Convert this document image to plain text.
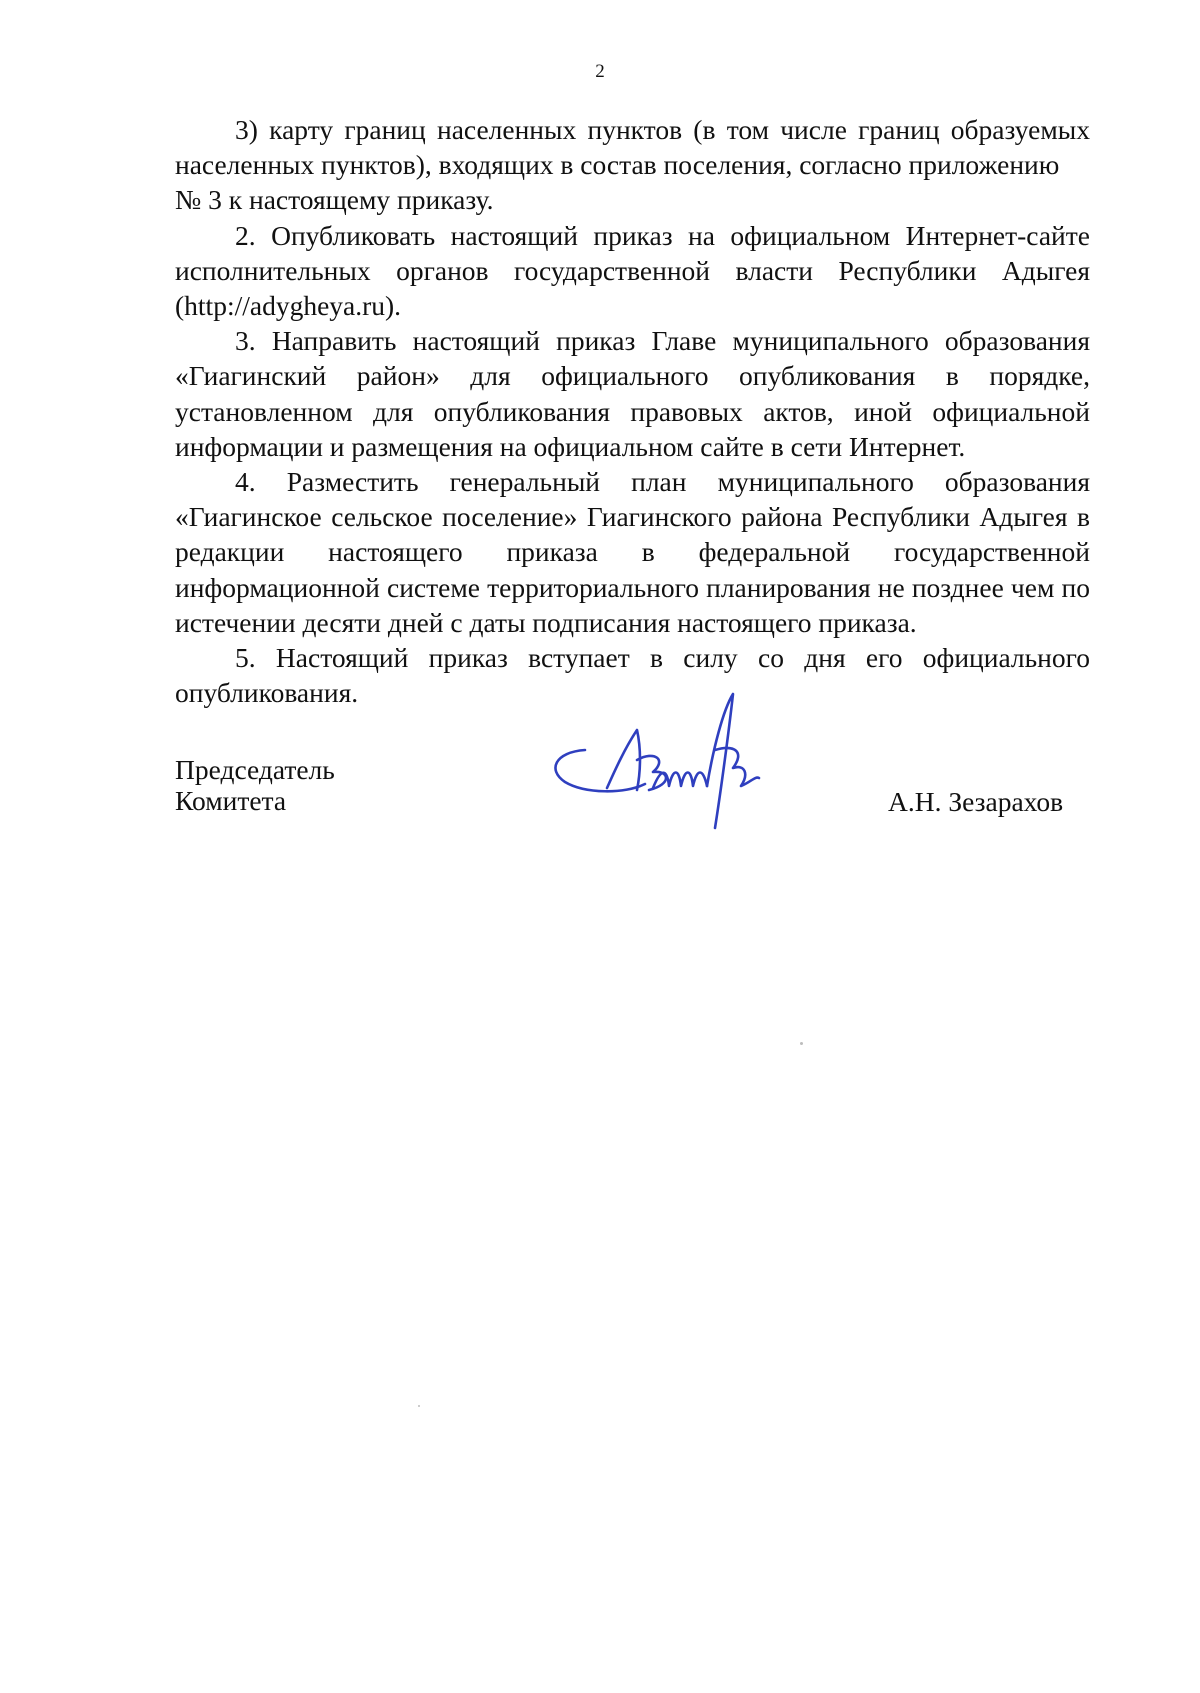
2

3) карту границ населенных пунктов (в том числе границ образуемых населенных пунктов), входящих в состав поселения, согласно приложению

№ 3 к настоящему приказу.

2. Опубликовать настоящий приказ на официальном Интернет-сайте исполнительных органов государственной власти Республики Адыгея (http://adygheya.ru).

3. Направить настоящий приказ Главе муниципального образования «Гиагинский район» для официального опубликования в порядке, установленном для опубликования правовых актов, иной официальной информации и размещения на официальном сайте в сети Интернет.

4. Разместить генеральный план муниципального образования «Гиагинское сельское поселение» Гиагинского района Республики Адыгея в редакции настоящего приказа в федеральной государственной информационной системе территориального планирования не позднее чем по истечении десяти дней с даты подписания настоящего приказа.

5. Настоящий приказ вступает в силу со дня его официального опубликования.

Председатель
Комитета	А.Н. Зезарахов
